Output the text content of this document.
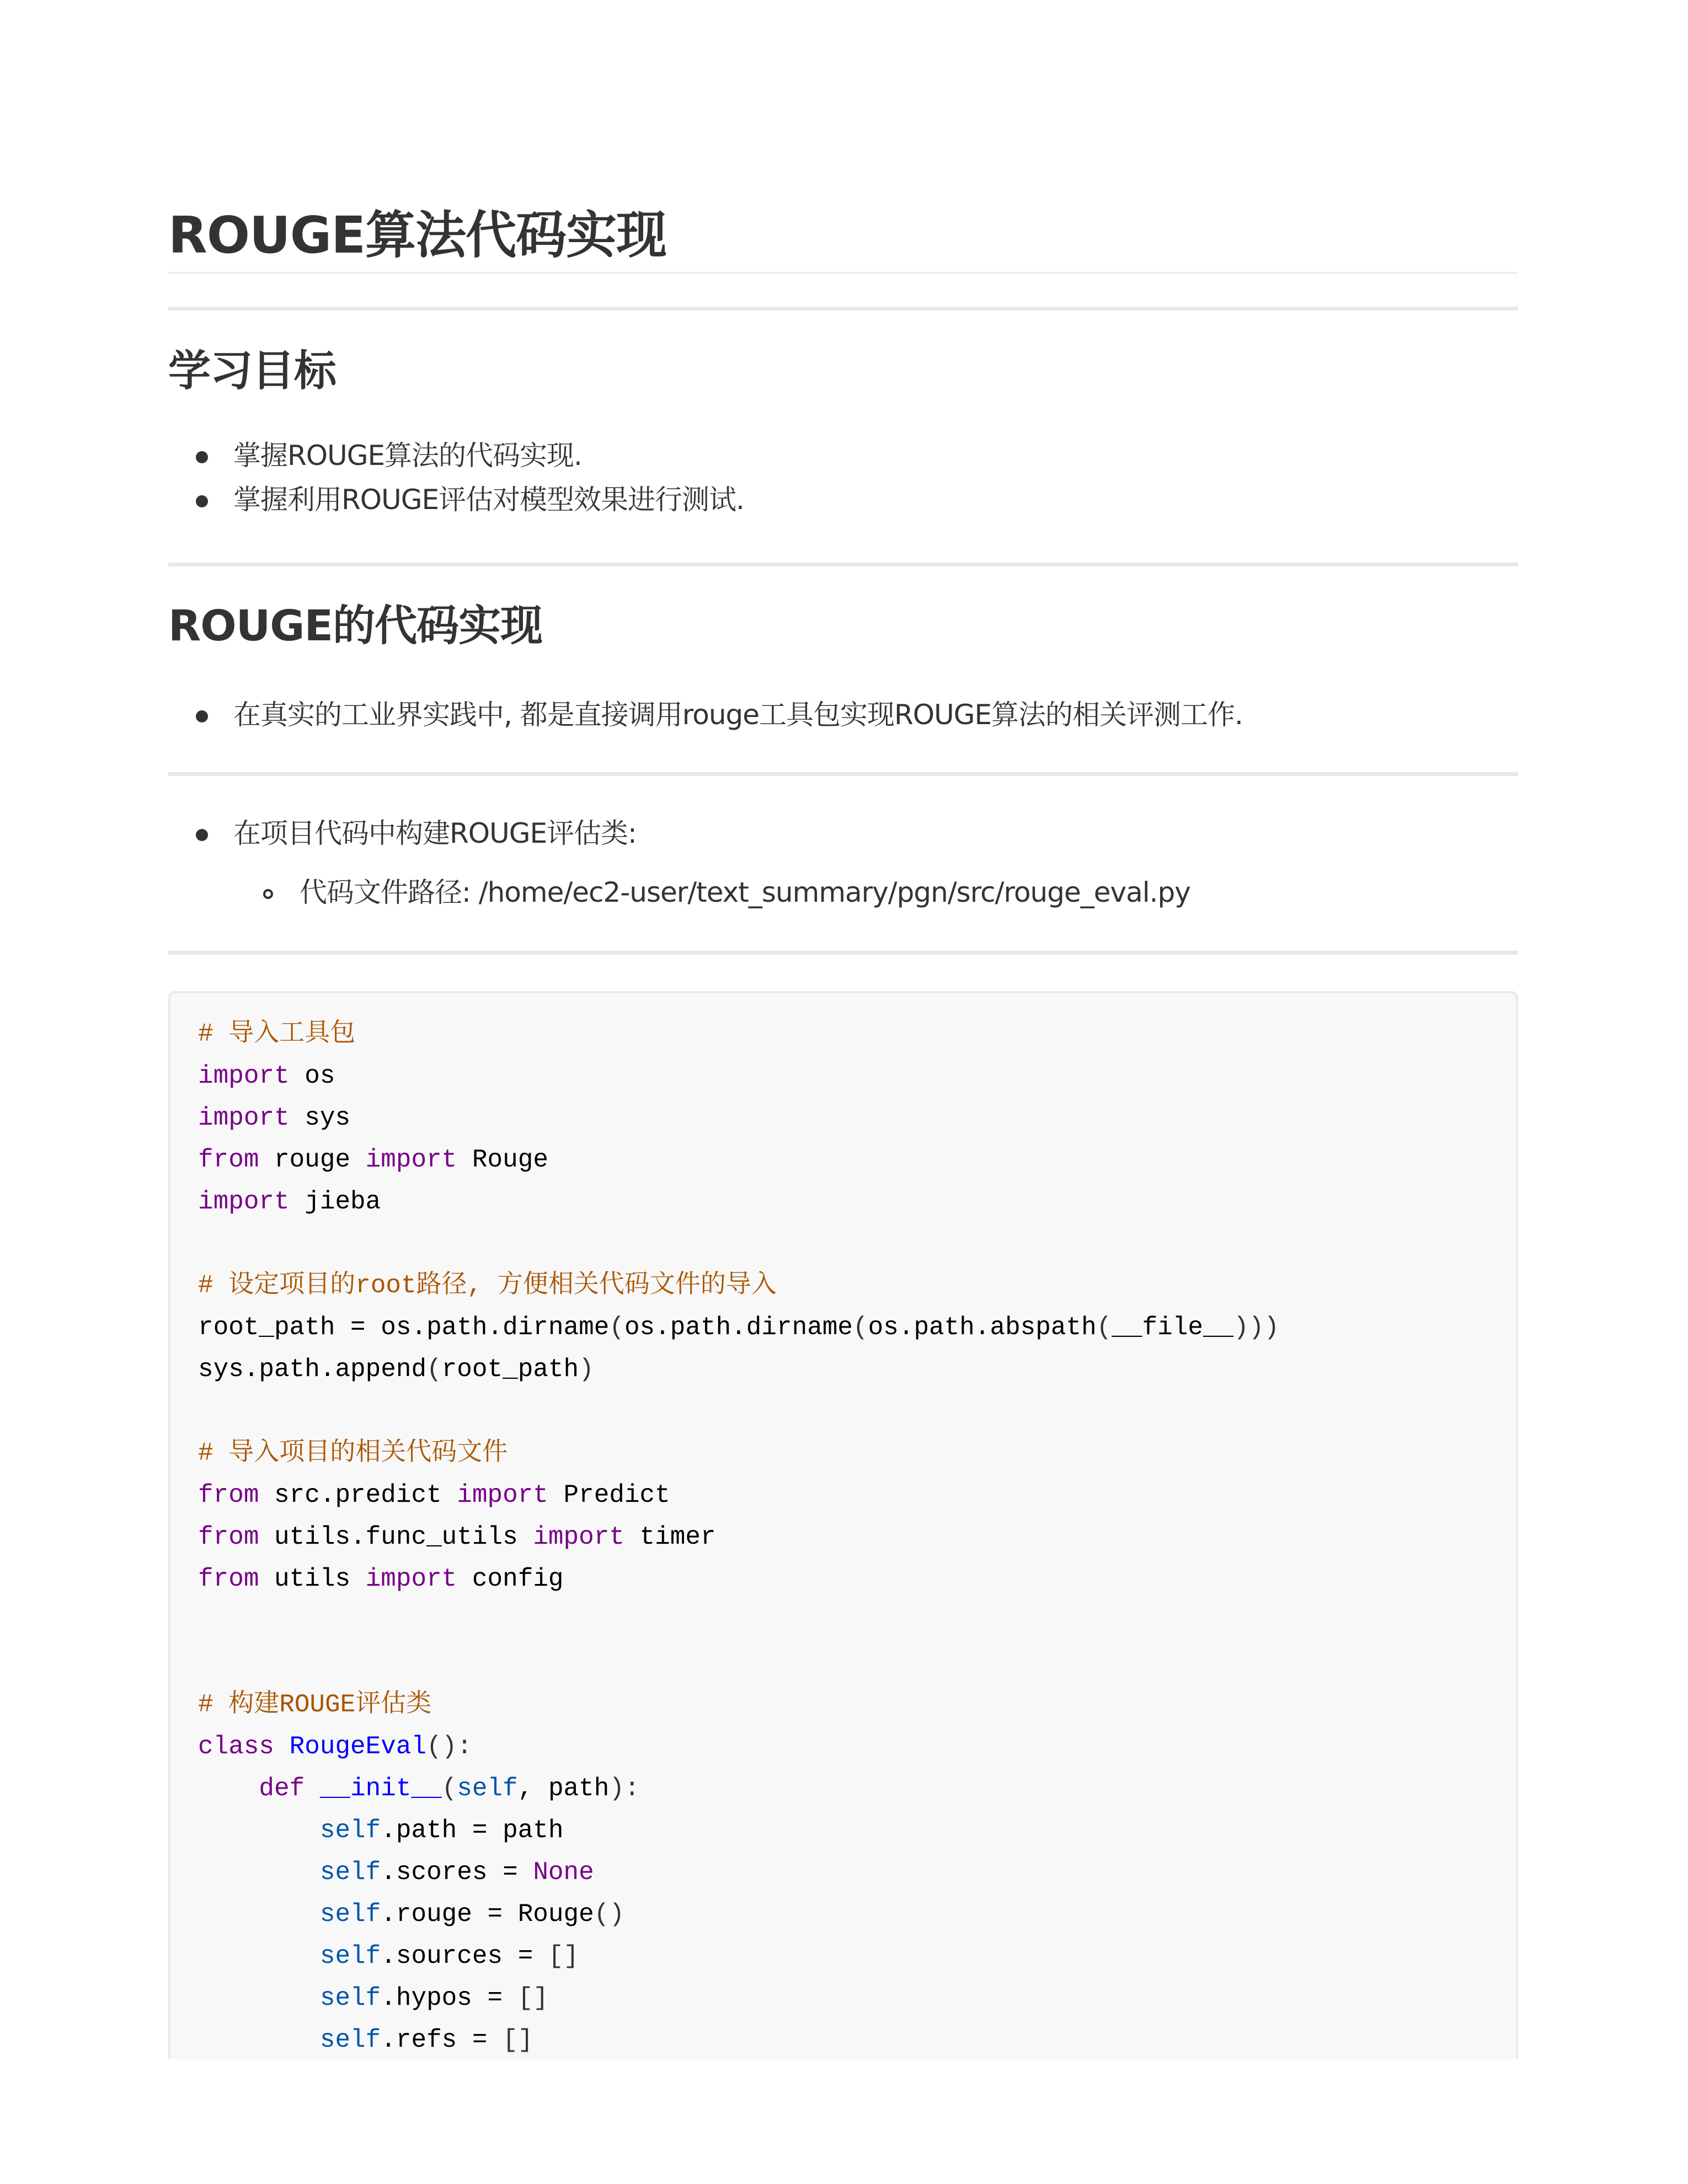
ROUGE算法代码实现
学习目标
掌握ROUGE算法的代码实现.
掌握利用ROUGE评估对模型效果进行测试.
ROUGE的代码实现
在真实的工业界实践中, 都是直接调用rouge工具包实现ROUGE算法的相关评测工作.
在项目代码中构建ROUGE评估类:
代码文件路径: /home/ec2-user/text_summary/pgn/src/rouge_eval.py
# 导入工具包
import os
import sys
from rouge import Rouge
import jieba

# 设定项目的root路径, 方便相关代码文件的导入
root_path = os.path.dirname(os.path.dirname(os.path.abspath(__file__)))
sys.path.append(root_path)

# 导入项目的相关代码文件
from src.predict import Predict
from utils.func_utils import timer
from utils import config

# 构建ROUGE评估类
class RougeEval():
def __init__(self, path):
self.path = path
self.scores = None
self.rouge = Rouge()
self.sources = []
self.hypos = []
self.refs = []
